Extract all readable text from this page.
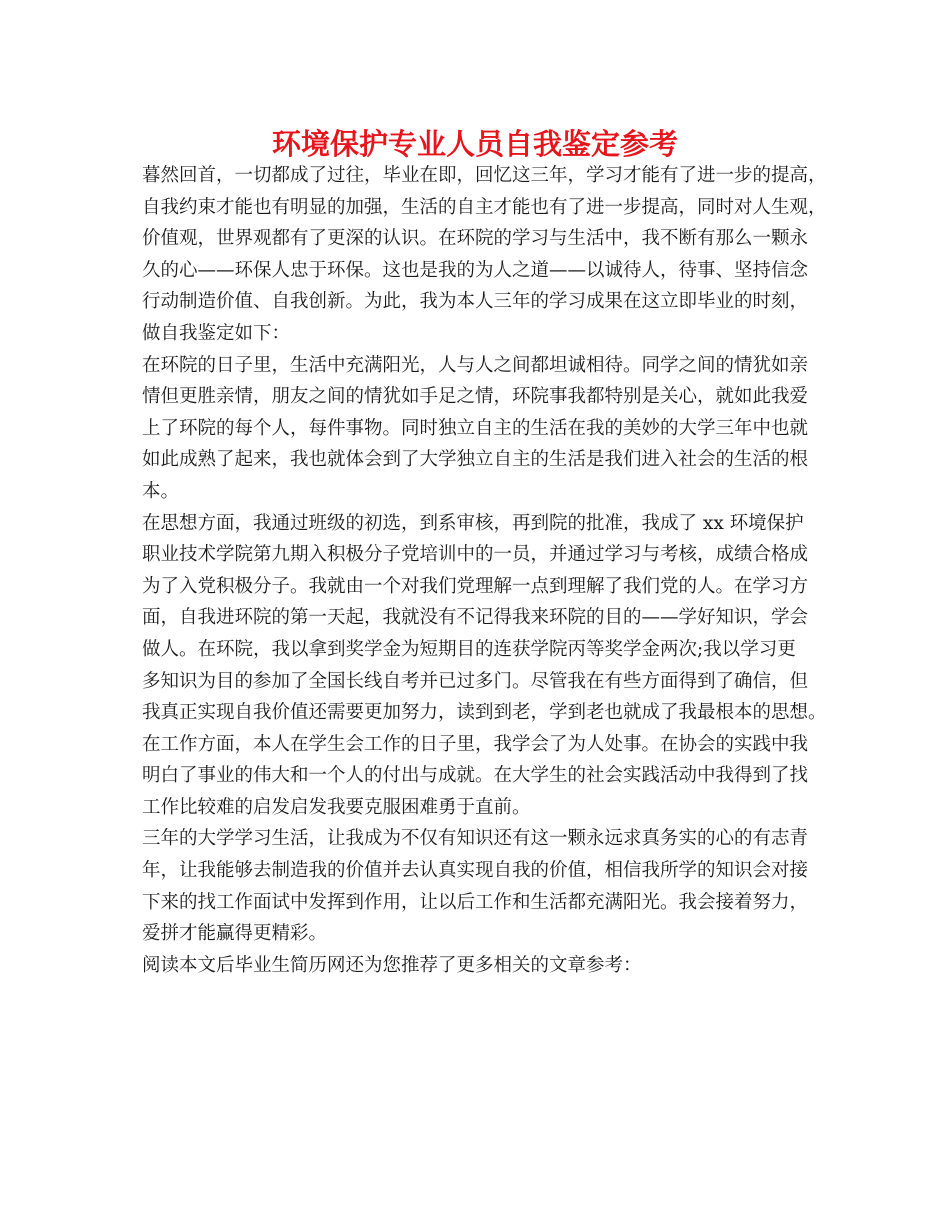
环境保护专业人员自我鉴定参考

暮然回首，一切都成了过往，毕业在即，回忆这三年，学习才能有了进一步的提高，
自我约束才能也有明显的加强，生活的自主才能也有了进一步提高，同时对人生观，
价值观，世界观都有了更深的认识。在环院的学习与生活中，我不断有那么一颗永
久的心——环保人忠于环保。这也是我的为人之道——以诚待人，待事、坚持信念
行动制造价值、自我创新。为此，我为本人三年的学习成果在这立即毕业的时刻，
做自我鉴定如下：

在环院的日子里，生活中充满阳光，人与人之间都坦诚相待。同学之间的情犹如亲
情但更胜亲情，朋友之间的情犹如手足之情，环院事我都特别是关心，就如此我爱
上了环院的每个人，每件事物。同时独立自主的生活在我的美妙的大学三年中也就
如此成熟了起来，我也就体会到了大学独立自主的生活是我们进入社会的生活的根
本。

在思想方面，我通过班级的初选，到系审核，再到院的批准，我成了 xx 环境保护
职业技术学院第九期入积极分子党培训中的一员，并通过学习与考核，成绩合格成
为了入党积极分子。我就由一个对我们党理解一点到理解了我们党的人。在学习方
面，自我进环院的第一天起，我就没有不记得我来环院的目的——学好知识，学会
做人。在环院，我以拿到奖学金为短期目的连获学院丙等奖学金两次;我以学习更
多知识为目的参加了全国长线自考并已过多门。尽管我在有些方面得到了确信，但
我真正实现自我价值还需要更加努力，读到到老，学到老也就成了我最根本的思想。

在工作方面，本人在学生会工作的日子里，我学会了为人处事。在协会的实践中我
明白了事业的伟大和一个人的付出与成就。在大学生的社会实践活动中我得到了找
工作比较难的启发启发我要克服困难勇于直前。

三年的大学学习生活，让我成为不仅有知识还有这一颗永远求真务实的心的有志青
年，让我能够去制造我的价值并去认真实现自我的价值，相信我所学的知识会对接
下来的找工作面试中发挥到作用，让以后工作和生活都充满阳光。我会接着努力，
爱拼才能赢得更精彩。

阅读本文后毕业生简历网还为您推荐了更多相关的文章参考：
